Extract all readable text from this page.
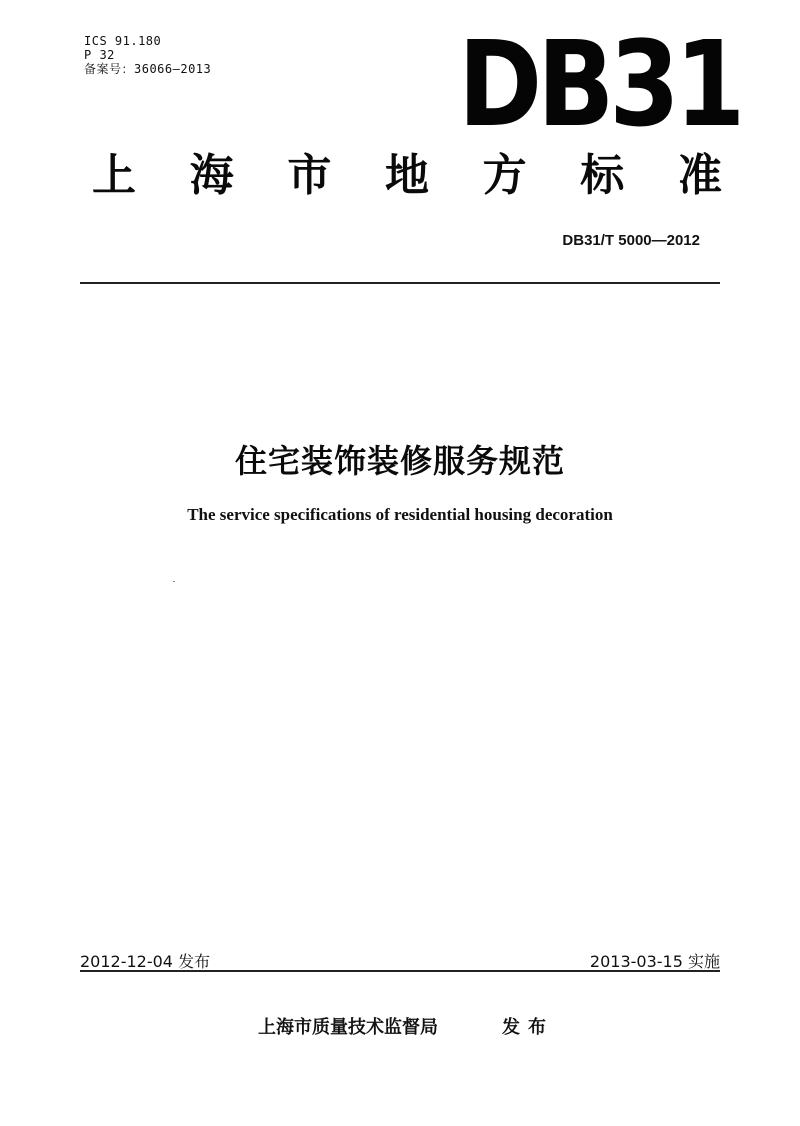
ICS 91.180
P 32
备案号：36066—2013 DB31
上 海 市 地 方 标 准
DB31/T 5000—2012
住宅装饰装修服务规范
The service specifications of residential housing decoration
2012-12-04 发布	2013-03-15 实施
上海市质量技术监督局	发布
